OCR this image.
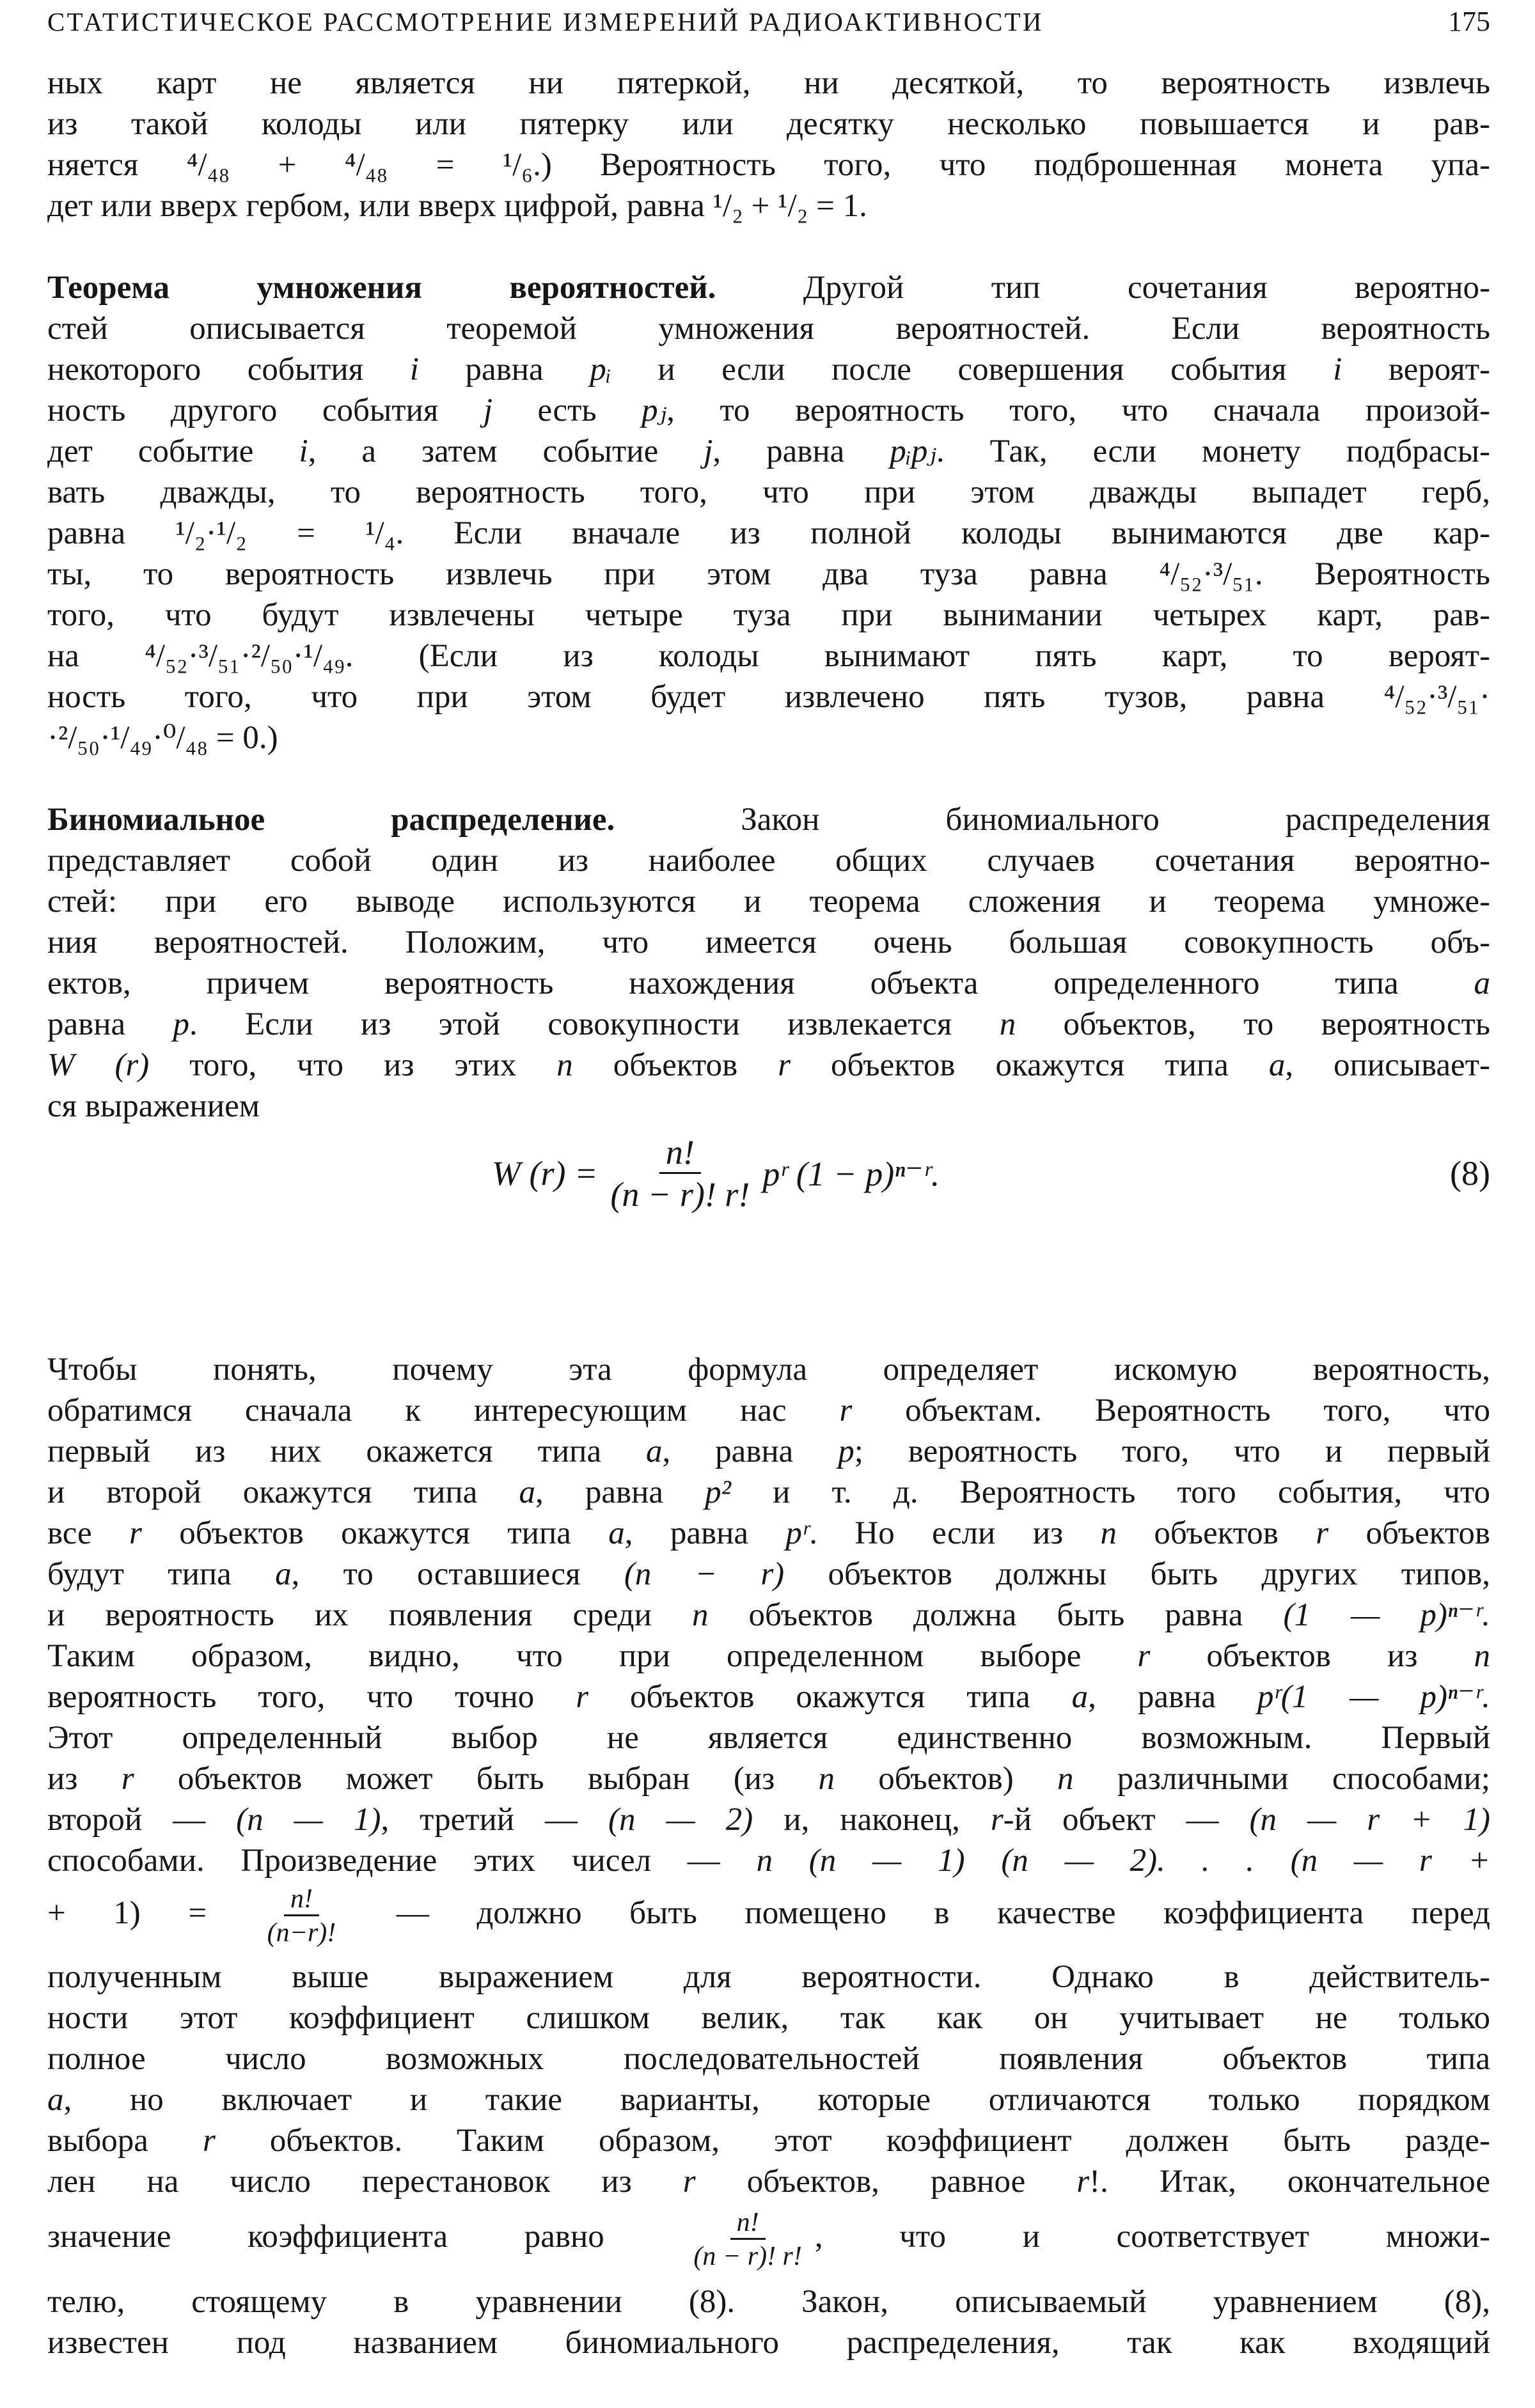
СТАТИСТИЧЕСКОЕ РАССМОТРЕНИЕ ИЗМЕРЕНИЙ РАДИОАКТИВНОСТИ	175
ных карт не является ни пятеркой, ни десяткой, то вероятность извлечь
из такой колоды или пятерку или десятку несколько повышается и рав-
няется ⁴/₄₈ + ⁴/₄₈ = ¹/₆.) Вероятность того, что подброшенная монета упа-
дет или вверх гербом, или вверх цифрой, равна ¹/₂ + ¹/₂ = 1.
Теорема умножения вероятностей. Другой тип сочетания вероятно-
стей описывается теоремой умножения вероятностей. Если вероятность
некоторого события i равна pᵢ и если после совершения события i вероят-
ность другого события j есть pⱼ, то вероятность того, что сначала произой-
дет событие i, а затем событие j, равна pᵢpⱼ. Так, если монету подбрасы-
вать дважды, то вероятность того, что при этом дважды выпадет герб,
равна ¹/₂·¹/₂ = ¹/₄. Если вначале из полной колоды вынимаются две кар-
ты, то вероятность извлечь при этом два туза равна ⁴/₅₂·³/₅₁. Вероятность
того, что будут извлечены четыре туза при вынимании четырех карт, рав-
на ⁴/₅₂·³/₅₁·²/₅₀·¹/₄₉. (Если из колоды вынимают пять карт, то вероят-
ность того, что при этом будет извлечено пять тузов, равна ⁴/₅₂·³/₅₁·
·²/₅₀·¹/₄₉·⁰/₄₈ = 0.)
Биномиальное распределение. Закон биномиального распределения
представляет собой один из наиболее общих случаев сочетания вероятно-
стей: при его выводе используются и теорема сложения и теорема умноже-
ния вероятностей. Положим, что имеется очень большая совокупность объ-
ектов, причем вероятность нахождения объекта определенного типа a
равна p. Если из этой совокупности извлекается n объектов, то вероятность
W (r) того, что из этих n объектов r объектов окажутся типа a, описывает-
ся выражением
W $(r) = \frac{n!}{(n - r)! r!}$ pʳ (1 − p)ⁿ⁻ʳ.	(8)
Чтобы понять, почему эта формула определяет искомую вероятность,
обратимся сначала к интересующим нас r объектам. Вероятность того, что
первый из них окажется типа a, равна p; вероятность того, что и первый
и второй окажутся типа a, равна p² и т. д. Вероятность того события, что
все r объектов окажутся типа a, равна pʳ. Но если из n объектов r объектов
будут типа a, то оставшиеся (n − r) объектов должны быть других типов,
и вероятность их появления среди n объектов должна быть равна (1 — p)ⁿ⁻ʳ.
Таким образом, видно, что при определенном выборе r объектов из n
вероятность того, что точно r объектов окажутся типа a, равна pʳ(1 — p)ⁿ⁻ʳ.
Этот определенный выбор не является единственно возможным. Первый
из r объектов может быть выбран (из n объектов) n различными способами;
второй — (n — 1), третий — (n — 2) и, наконец, r-й объект — (n — r + 1)
способами. Произведение этих чисел — n (n — 1) (n — 2). . . (n — r +
+ $1) = \frac{n!}{(n-r)!}$ — должно быть помещено в качестве коэффициента перед
полученным выше выражением для вероятности. Однако в действитель-
ности этот коэффициент слишком велик, так как он учитывает не только
полное число возможных последовательностей появления объектов типа
a, но включает и такие варианты, которые отличаются только порядком
выбора r объектов. Таким образом, этот коэффициент должен быть разде-
лен на число перестановок из r объектов, равное r!. Итак, окончательное
значение коэффициента равно $\frac{n!}{(n - r)! r!}$ , что и соответствует множи-
телю, стоящему в уравнении (8). Закон, описываемый уравнением (8),
известен под названием биномиального распределения, так как входящий
